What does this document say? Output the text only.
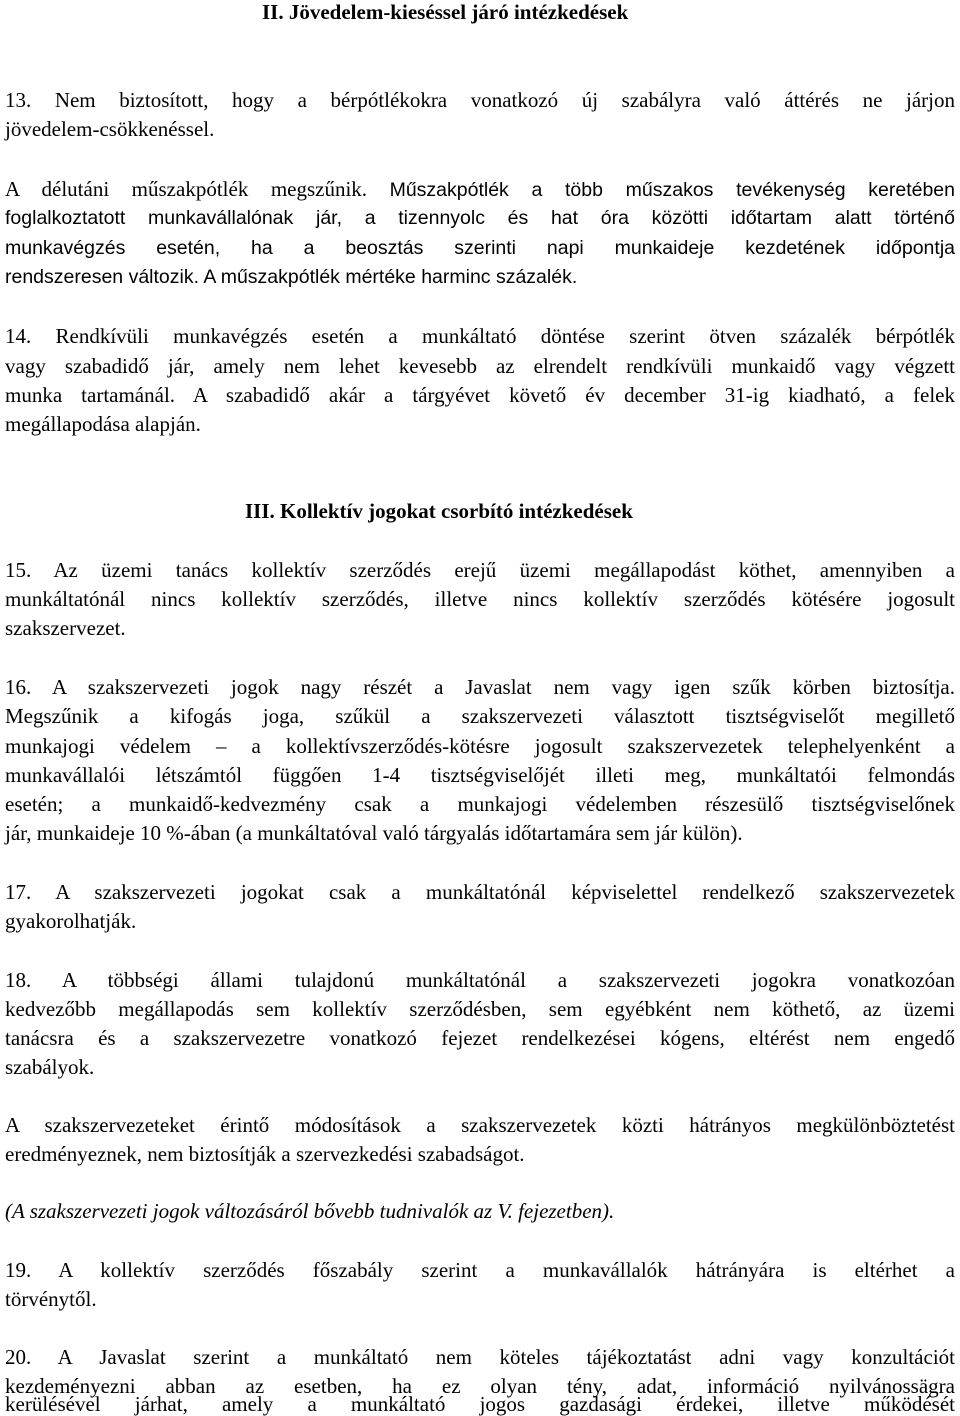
II. Jövedelem-kieséssel járó intézkedések
13. Nem biztosított, hogy a bérpótlékokra vonatkozó új szabályra való áttérés ne járjon
jövedelem-csökkenéssel.
A délutáni műszakpótlék megszűnik. Műszakpótlék a több műszakos tevékenység keretében
foglalkoztatott munkavállalónak jár, a tizennyolc és hat óra közötti időtartam alatt történő
munkavégzés esetén, ha a beosztás szerinti napi munkaideje kezdetének időpontja
rendszeresen változik. A műszakpótlék mértéke harminc százalék.
14. Rendkívüli munkavégzés esetén a munkáltató döntése szerint ötven százalék bérpótlék
vagy szabadidő jár, amely nem lehet kevesebb az elrendelt rendkívüli munkaidő vagy végzett
munka tartamánál. A szabadidő akár a tárgyévet követő év december 31-ig kiadható, a felek
megállapodása alapján.
III. Kollektív jogokat csorbító intézkedések
15. Az üzemi tanács kollektív szerződés erejű üzemi megállapodást köthet, amennyiben a
munkáltatónál nincs kollektív szerződés, illetve nincs kollektív szerződés kötésére jogosult
szakszervezet.
16. A szakszervezeti jogok nagy részét a Javaslat nem vagy igen szűk körben biztosítja.
Megszűnik a kifogás joga, szűkül a szakszervezeti választott tisztségviselőt megillető
munkajogi védelem – a kollektívszerződés-kötésre jogosult szakszervezetek telephelyenként a
munkavállalói létszámtól függően 1-4 tisztségviselőjét illeti meg, munkáltatói felmondás
esetén; a munkaidő-kedvezmény csak a munkajogi védelemben részesülő tisztségviselőnek
jár, munkaideje 10 %-ában (a munkáltatóval való tárgyalás időtartamára sem jár külön).
17. A szakszervezeti jogokat csak a munkáltatónál képviselettel rendelkező szakszervezetek
gyakorolhatják.
18. A többségi állami tulajdonú munkáltatónál a szakszervezeti jogokra vonatkozóan
kedvezőbb megállapodás sem kollektív szerződésben, sem egyébként nem köthető, az üzemi
tanácsra és a szakszervezetre vonatkozó fejezet rendelkezései kógens, eltérést nem engedő
szabályok.
A szakszervezeteket érintő módosítások a szakszervezetek közti hátrányos megkülönböztetést
eredményeznek, nem biztosítják a szervezkedési szabadságot.
(A szakszervezeti jogok változásáról bővebb tudnivalók az V. fejezetben).
19. A kollektív szerződés főszabály szerint a munkavállalók hátrányára is eltérhet a
törvénytől.
20. A Javaslat szerint a munkáltató nem köteles tájékoztatást adni vagy konzultációt
kezdeményezni abban az esetben, ha ez olyan tény, adat, információ nyilvánossägra
kerülésével járhat, amely a munkáltató jogos gazdasági érdekei, illetve működését
